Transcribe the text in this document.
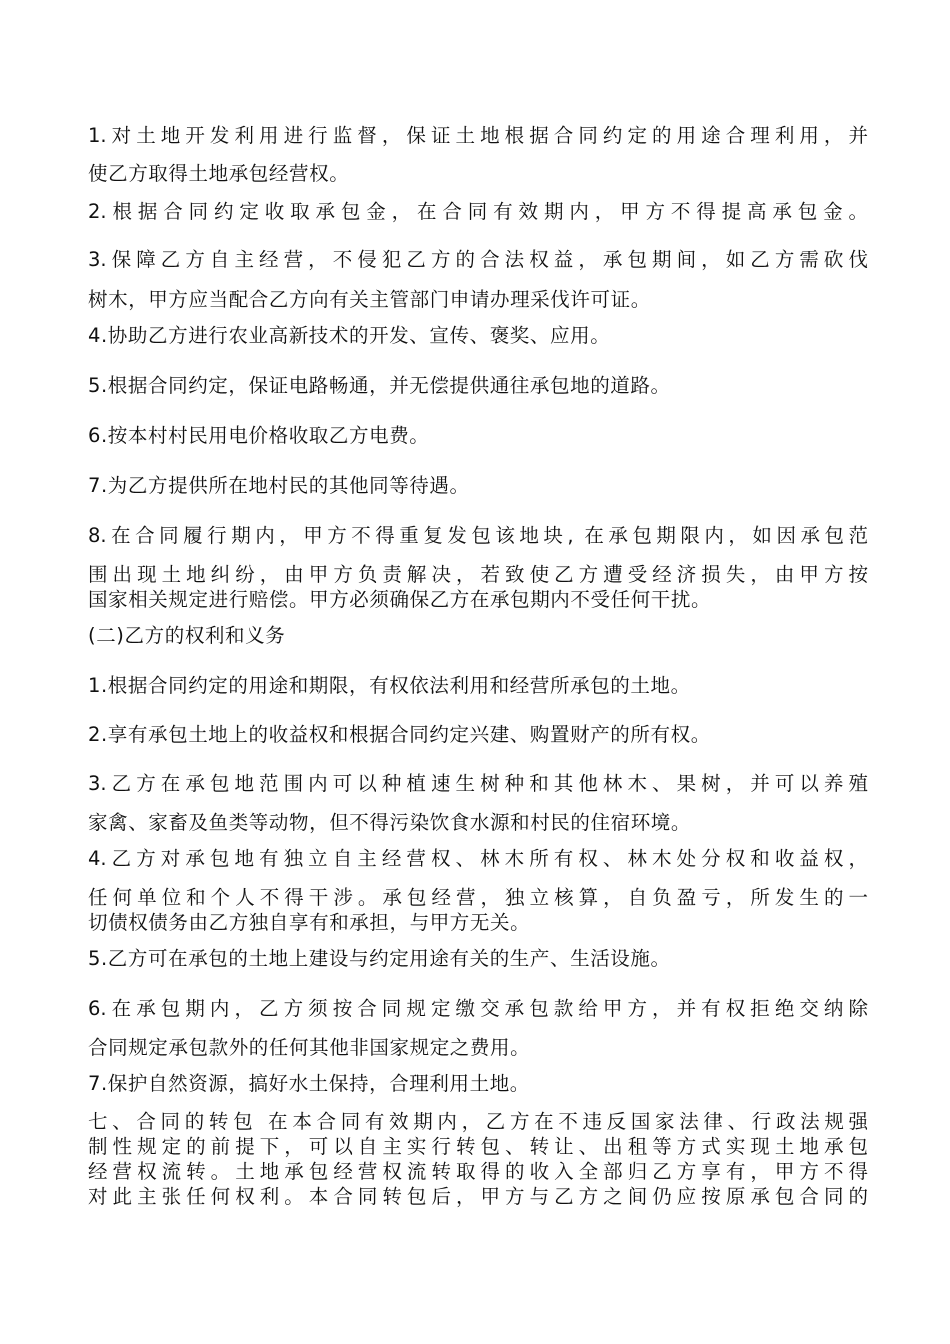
1.对土地开发利用进行监督，保证土地根据合同约定的用途合理利用，并

使乙方取得土地承包经营权。

2.根据合同约定收取承包金，在合同有效期内，甲方不得提高承包金。

3.保障乙方自主经营，不侵犯乙方的合法权益，承包期间，如乙方需砍伐

树木，甲方应当配合乙方向有关主管部门申请办理采伐许可证。

4.协助乙方进行农业高新技术的开发、宣传、褒奖、应用。

5.根据合同约定，保证电路畅通，并无偿提供通往承包地的道路。

6.按本村村民用电价格收取乙方电费。

7.为乙方提供所在地村民的其他同等待遇。

8.在合同履行期内，甲方不得重复发包该地块, 在承包期限内，如因承包范

围出现土地纠纷，由甲方负责解决，若致使乙方遭受经济损失，由甲方按

国家相关规定进行赔偿。甲方必须确保乙方在承包期内不受任何干扰。

(二)乙方的权利和义务

1.根据合同约定的用途和期限，有权依法利用和经营所承包的土地。

2.享有承包土地上的收益权和根据合同约定兴建、购置财产的所有权。

3.乙方在承包地范围内可以种植速生树种和其他林木、果树，并可以养殖

家禽、家畜及鱼类等动物，但不得污染饮食水源和村民的住宿环境。

4.乙方对承包地有独立自主经营权、林木所有权、林木处分权和收益权，

任何单位和个人不得干涉。承包经营，独立核算，自负盈亏，所发生的一

切债权债务由乙方独自享有和承担，与甲方无关。

5.乙方可在承包的土地上建设与约定用途有关的生产、生活设施。

6.在承包期内，乙方须按合同规定缴交承包款给甲方，并有权拒绝交纳除

合同规定承包款外的任何其他非国家规定之费用。

7.保护自然资源，搞好水土保持，合理利用土地。

七、合同的转包 在本合同有效期内，乙方在不违反国家法律、行政法规强

制性规定的前提下，可以自主实行转包、转让、出租等方式实现土地承包

经营权流转。土地承包经营权流转取得的收入全部归乙方享有，甲方不得

对此主张任何权利。本合同转包后，甲方与乙方之间仍应按原承包合同的
